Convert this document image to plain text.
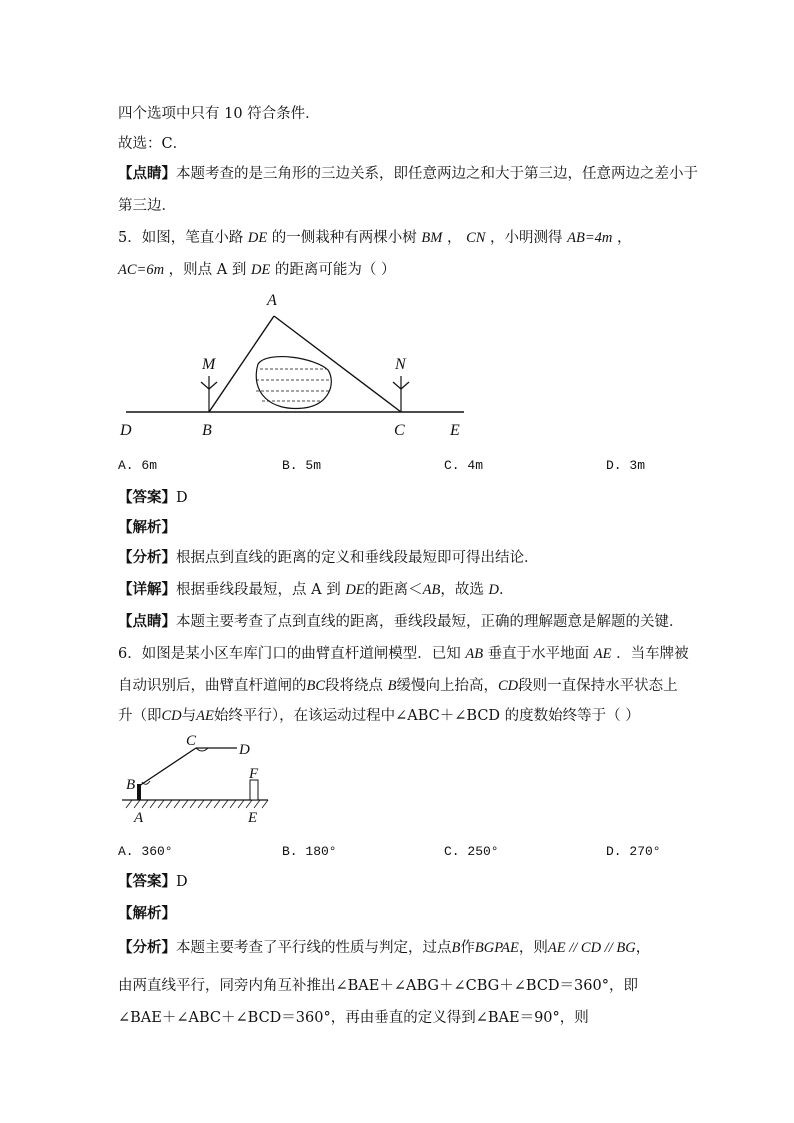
四个选项中只有 10 符合条件．
故选：C．
【点睛】本题考查的是三角形的三边关系，即任意两边之和大于第三边，任意两边之差小于
第三边．
5．如图，笔直小路 DE 的一侧栽种有两棵小树 BM ， CN ，小明测得 AB=4m ，
AC=6m ，则点 A 到 DE 的距离可能为（ ）
A
M	N
D	B	C	E
A. 6m	B. 5m	C. 4m	D. 3m
【答案】D
【解析】
【分析】根据点到直线的距离的定义和垂线段最短即可得出结论．
【详解】根据垂线段最短，点 A 到 DE的距离＜AB，故选 D．
【点睛】本题主要考查了点到直线的距离，垂线段最短，正确的理解题意是解题的关键．
6．如图是某小区车库门口的曲臂直杆道闸模型．已知 AB 垂直于水平地面 AE ．当车牌被
自动识别后，曲臂直杆道闸的BC段将绕点 B缓慢向上抬高，CD段则一直保持水平状态上
升（即CD与AE始终平行），在该运动过程中∠ABC＋∠BCD 的度数始终等于（ ）
C
D
B
F
A	E
A. 360°	B. 180°	C. 250°	D. 270°
【答案】D
【解析】
【分析】本题主要考查了平行线的性质与判定，过点B作BGPAE，则AE // CD // BG，
由两直线平行，同旁内角互补推出∠BAE＋∠ABG＋∠CBG＋∠BCD＝360°，即
∠BAE＋∠ABC＋∠BCD＝360°，再由垂直的定义得到∠BAE＝90°，则
